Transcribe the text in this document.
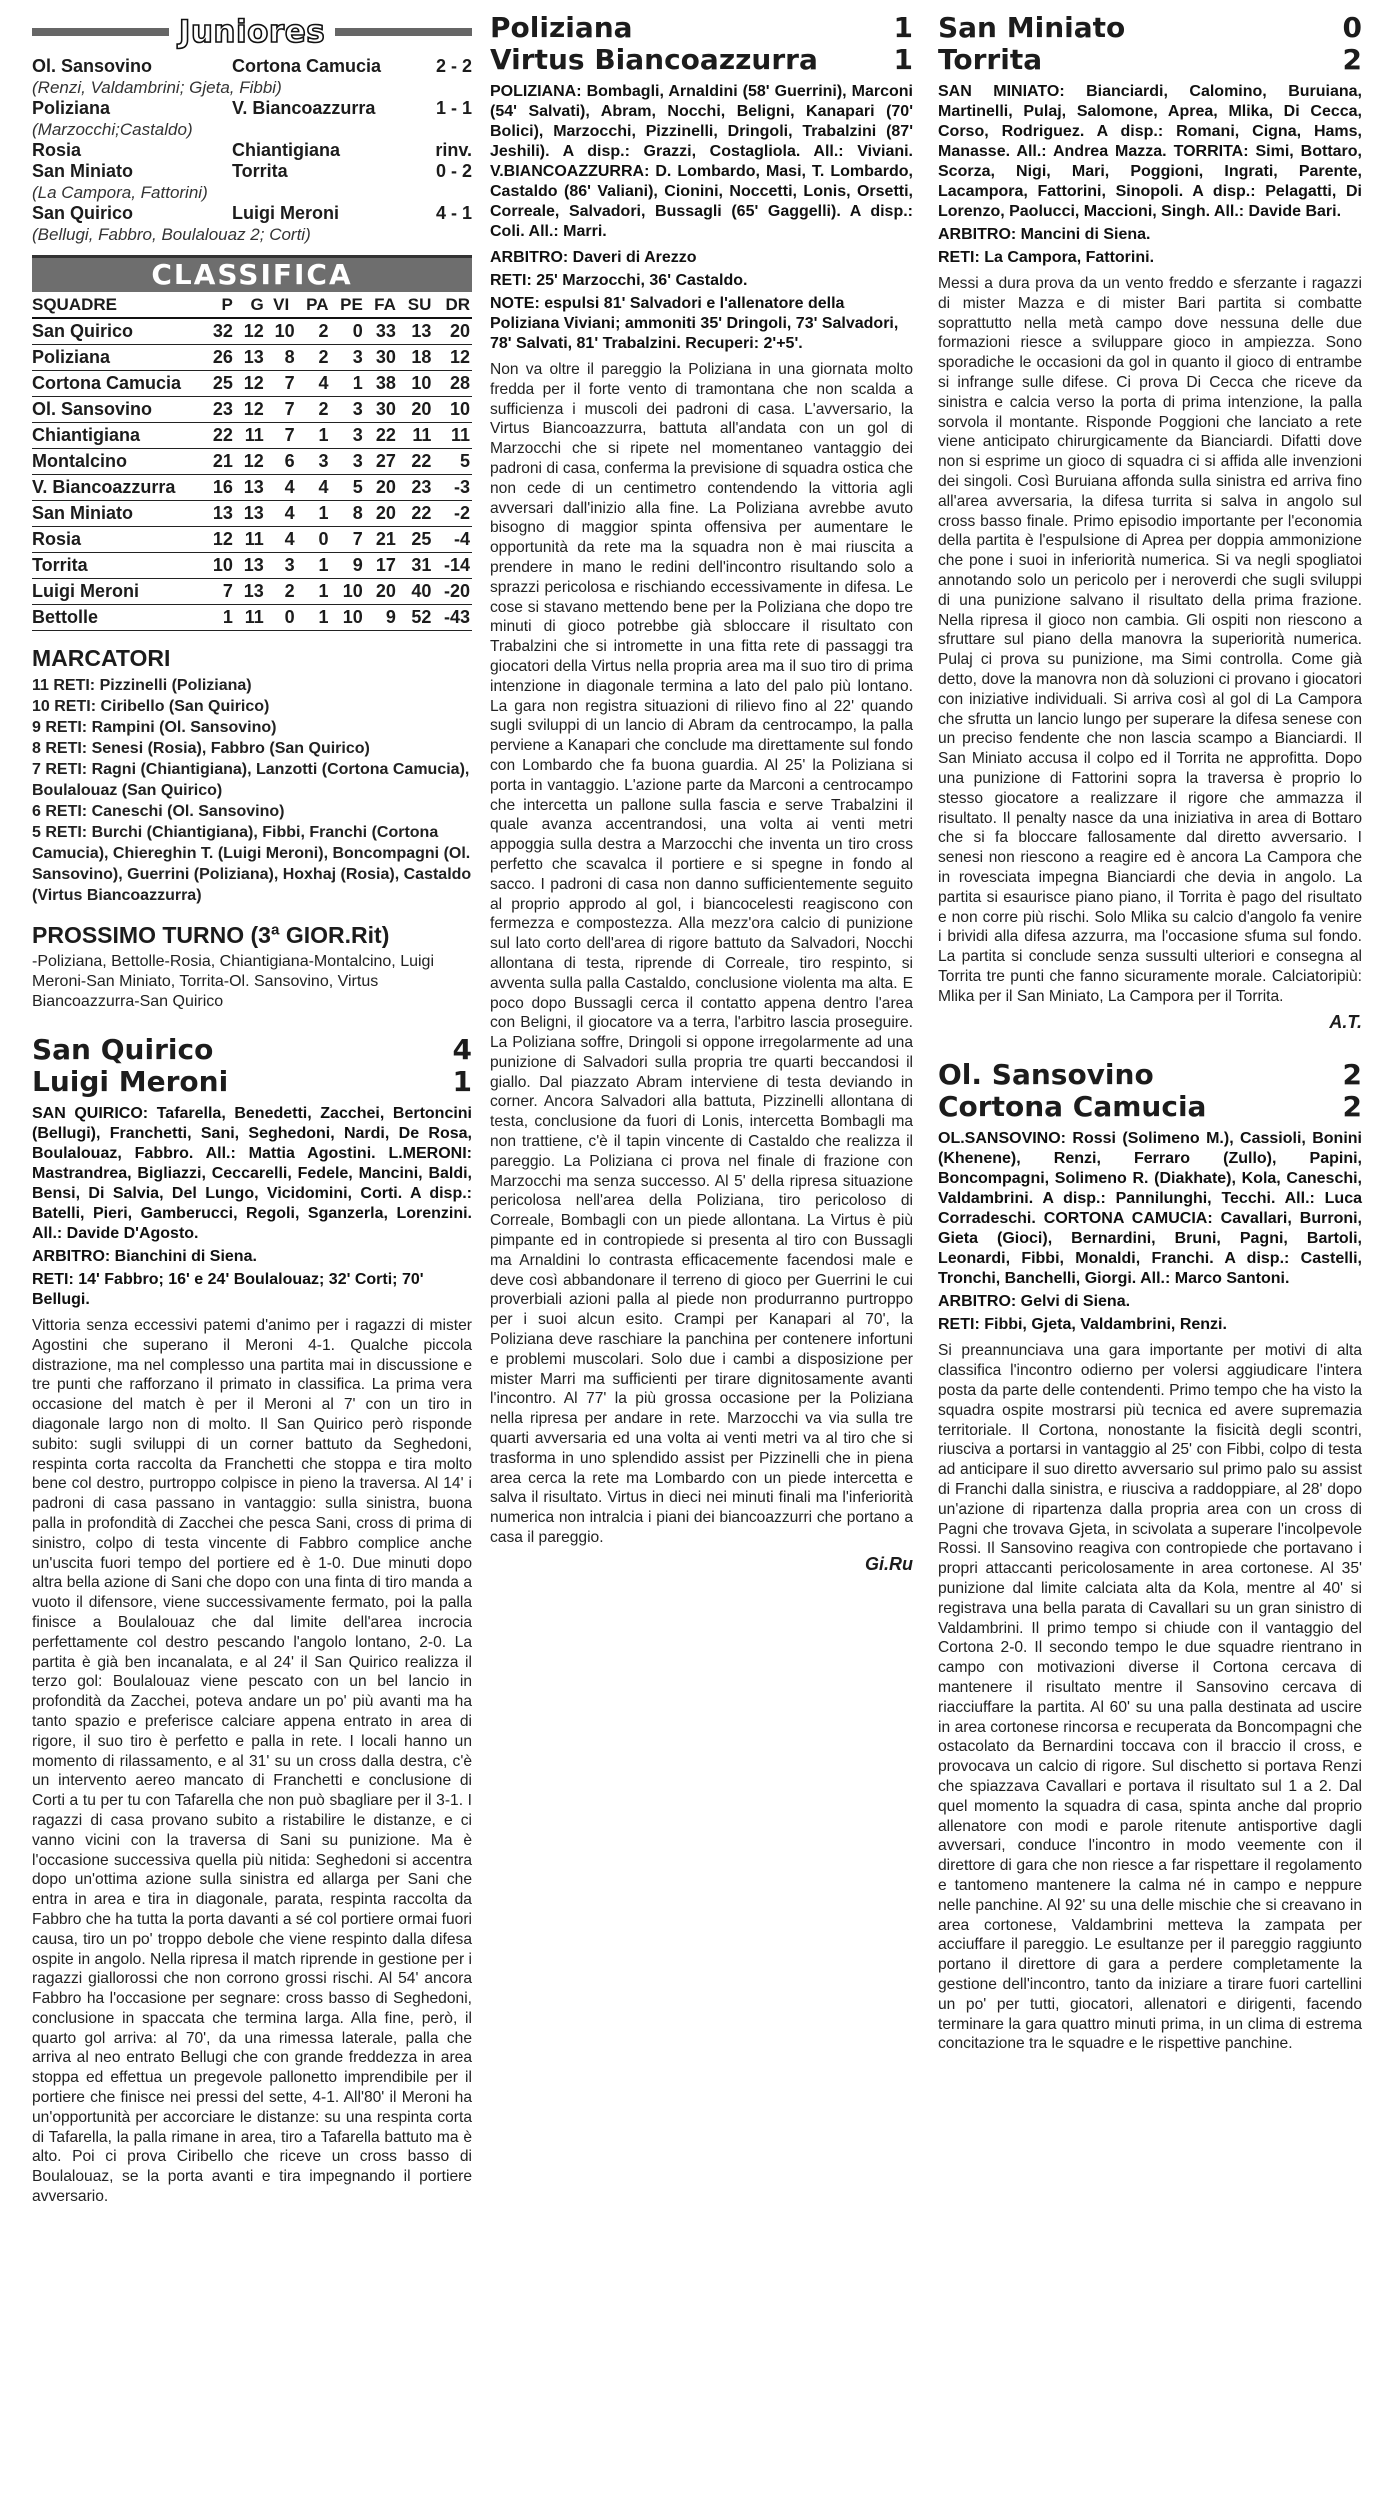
Juniores
Ol. Sansovino	Cortona Camucia	2 - 2
(Renzi, Valdambrini; Gjeta, Fibbi)		
Poliziana	V. Biancoazzurra	1 - 1
(Marzocchi;Castaldo)		
Rosia	Chiantigiana	rinv.
San Miniato	Torrita	0 - 2
(La Campora, Fattorini)		
San Quirico	Luigi Meroni	4 - 1
(Bellugi, Fabbro, Boulalouaz 2; Corti)		
CLASSIFICA
SQUADRE	P	G	VI	PA	PE	FA	SU	DR
San Quirico	32	12	10	2	0	33	13	20
Poliziana	26	13	8	2	3	30	18	12
Cortona Camucia	25	12	7	4	1	38	10	28
Ol. Sansovino	23	12	7	2	3	30	20	10
Chiantigiana	22	11	7	1	3	22	11	11
Montalcino	21	12	6	3	3	27	22	5
V. Biancoazzurra	16	13	4	4	5	20	23	-3
San Miniato	13	13	4	1	8	20	22	-2
Rosia	12	11	4	0	7	21	25	-4
Torrita	10	13	3	1	9	17	31	-14
Luigi Meroni	7	13	2	1	10	20	40	-20
Bettolle	1	11	0	1	10	9	52	-43
MARCATORI
11 RETI: Pizzinelli (Poliziana)
10 RETI: Ciribello (San Quirico)
9 RETI: Rampini (Ol. Sansovino)
8 RETI: Senesi (Rosia), Fabbro (San Quirico)
7 RETI: Ragni (Chiantigiana), Lanzotti (Cortona Camucia), Boulalouaz (San Quirico)
6 RETI: Caneschi (Ol. Sansovino)
5 RETI: Burchi (Chiantigiana), Fibbi, Franchi (Cortona Camucia), Chiereghin T. (Luigi Meroni), Boncompagni (Ol. Sansovino), Guerrini (Poliziana), Hoxhaj (Rosia), Castaldo (Virtus Biancoazzurra)
PROSSIMO TURNO (3ª GIOR.Rit)
-Poliziana, Bettolle-Rosia, Chiantigiana-Montalcino, Luigi Meroni-San Miniato, Torrita-Ol. Sansovino, Virtus Biancoazzurra-San Quirico
San Quirico	4
Luigi Meroni	1
SAN QUIRICO: Tafarella, Benedetti, Zacchei, Bertoncini (Bellugi), Franchetti, Sani, Seghedoni, Nardi, De Rosa, Boulalouaz, Fabbro. All.: Mattia Agostini. L.MERONI: Mastrandrea, Bigliazzi, Ceccarelli, Fedele, Mancini, Baldi, Bensi, Di Salvia, Del Lungo, Vicidomini, Corti. A disp.: Batelli, Pieri, Gamberucci, Regoli, Sganzerla, Lorenzini. All.: Davide D'Agosto.
ARBITRO: Bianchini di Siena.
RETI: 14' Fabbro; 16' e 24' Boulalouaz; 32' Corti; 70' Bellugi.
Vittoria senza eccessivi patemi d'animo per i ragazzi di mister Agostini che superano il Meroni 4-1. Qualche piccola distrazione, ma nel complesso una partita mai in discussione e tre punti che rafforzano il primato in classifica. La prima vera occasione del match è per il Meroni al 7' con un tiro in diagonale largo non di molto. Il San Quirico però risponde subito: sugli sviluppi di un corner battuto da Seghedoni, respinta corta raccolta da Franchetti che stoppa e tira molto bene col destro, purtroppo colpisce in pieno la traversa. Al 14' i padroni di casa passano in vantaggio: sulla sinistra, buona palla in profondità di Zacchei che pesca Sani, cross di prima di sinistro, colpo di testa vincente di Fabbro complice anche un'uscita fuori tempo del portiere ed è 1-0. Due minuti dopo altra bella azione di Sani che dopo con una finta di tiro manda a vuoto il difensore, viene successivamente fermato, poi la palla finisce a Boulalouaz che dal limite dell'area incrocia perfettamente col destro pescando l'angolo lontano, 2-0. La partita è già ben incanalata, e al 24' il San Quirico realizza il terzo gol: Boulalouaz viene pescato con un bel lancio in profondità da Zacchei, poteva andare un po' più avanti ma ha tanto spazio e preferisce calciare appena entrato in area di rigore, il suo tiro è perfetto e palla in rete. I locali hanno un momento di rilassamento, e al 31' su un cross dalla destra, c'è un intervento aereo mancato di Franchetti e conclusione di Corti a tu per tu con Tafarella che non può sbagliare per il 3-1. I ragazzi di casa provano subito a ristabilire le distanze, e ci vanno vicini con la traversa di Sani su punizione. Ma è l'occasione successiva quella più nitida: Seghedoni si accentra dopo un'ottima azione sulla sinistra ed allarga per Sani che entra in area e tira in diagonale, parata, respinta raccolta da Fabbro che ha tutta la porta davanti a sé col portiere ormai fuori causa, tiro un po' troppo debole che viene respinto dalla difesa ospite in angolo. Nella ripresa il match riprende in gestione per i ragazzi giallorossi che non corrono grossi rischi. Al 54' ancora Fabbro ha l'occasione per segnare: cross basso di Seghedoni, conclusione in spaccata che termina larga. Alla fine, però, il quarto gol arriva: al 70', da una rimessa laterale, palla che arriva al neo entrato Bellugi che con grande freddezza in area stoppa ed effettua un pregevole pallonetto imprendibile per il portiere che finisce nei pressi del sette, 4-1. All'80' il Meroni ha un'opportunità per accorciare le distanze: su una respinta corta di Tafarella, la palla rimane in area, tiro a Tafarella battuto ma è alto. Poi ci prova Ciribello che riceve un cross basso di Boulalouaz, se la porta avanti e tira impegnando il portiere avversario.
Poliziana	1
Virtus Biancoazzurra	1
POLIZIANA: Bombagli, Arnaldini (58' Guerrini), Marconi (54' Salvati), Abram, Nocchi, Beligni, Kanapari (70' Bolici), Marzocchi, Pizzinelli, Dringoli, Trabalzini (87' Jeshili). A disp.: Grazzi, Costagliola. All.: Viviani. V.BIANCOAZZURRA: D. Lombardo, Masi, T. Lombardo, Castaldo (86' Valiani), Cionini, Noccetti, Lonis, Orsetti, Correale, Salvadori, Bussagli (65' Gaggelli). A disp.: Coli. All.: Marri.
ARBITRO: Daveri di Arezzo
RETI: 25' Marzocchi, 36' Castaldo.
NOTE: espulsi 81' Salvadori e l'allenatore della Poliziana Viviani; ammoniti 35' Dringoli, 73' Salvadori, 78' Salvati, 81' Trabalzini. Recuperi: 2'+5'.
Non va oltre il pareggio la Poliziana in una giornata molto fredda per il forte vento di tramontana che non scalda a sufficienza i muscoli dei padroni di casa. L'avversario, la Virtus Biancoazzurra, battuta all'andata con un gol di Marzocchi che si ripete nel momentaneo vantaggio dei padroni di casa, conferma la previsione di squadra ostica che non cede di un centimetro contendendo la vittoria agli avversari dall'inizio alla fine. La Poliziana avrebbe avuto bisogno di maggior spinta offensiva per aumentare le opportunità da rete ma la squadra non è mai riuscita a prendere in mano le redini dell'incontro risultando solo a sprazzi pericolosa e rischiando eccessivamente in difesa. Le cose si stavano mettendo bene per la Poliziana che dopo tre minuti di gioco potrebbe già sbloccare il risultato con Trabalzini che si intromette in una fitta rete di passaggi tra giocatori della Virtus nella propria area ma il suo tiro di prima intenzione in diagonale termina a lato del palo più lontano. La gara non registra situazioni di rilievo fino al 22' quando sugli sviluppi di un lancio di Abram da centrocampo, la palla perviene a Kanapari che conclude ma direttamente sul fondo con Lombardo che fa buona guardia. Al 25' la Poliziana si porta in vantaggio. L'azione parte da Marconi a centrocampo che intercetta un pallone sulla fascia e serve Trabalzini il quale avanza accentrandosi, una volta ai venti metri appoggia sulla destra a Marzocchi che inventa un tiro cross perfetto che scavalca il portiere e si spegne in fondo al sacco. I padroni di casa non danno sufficientemente seguito al proprio approdo al gol, i biancocelesti reagiscono con fermezza e compostezza. Alla mezz'ora calcio di punizione sul lato corto dell'area di rigore battuto da Salvadori, Nocchi allontana di testa, riprende di Correale, tiro respinto, si avventa sulla palla Castaldo, conclusione violenta ma alta. E poco dopo Bussagli cerca il contatto appena dentro l'area con Beligni, il giocatore va a terra, l'arbitro lascia proseguire. La Poliziana soffre, Dringoli si oppone irregolarmente ad una punizione di Salvadori sulla propria tre quarti beccandosi il giallo. Dal piazzato Abram interviene di testa deviando in corner. Ancora Salvadori alla battuta, Pizzinelli allontana di testa, conclusione da fuori di Lonis, intercetta Bombagli ma non trattiene, c'è il tapin vincente di Castaldo che realizza il pareggio. La Poliziana ci prova nel finale di frazione con Marzocchi ma senza successo. Al 5' della ripresa situazione pericolosa nell'area della Poliziana, tiro pericoloso di Correale, Bombagli con un piede allontana. La Virtus è più pimpante ed in contropiede si presenta al tiro con Bussagli ma Arnaldini lo contrasta efficacemente facendosi male e deve così abbandonare il terreno di gioco per Guerrini le cui proverbiali azioni palla al piede non produrranno purtroppo per i suoi alcun esito. Crampi per Kanapari al 70', la Poliziana deve raschiare la panchina per contenere infortuni e problemi muscolari. Solo due i cambi a disposizione per mister Marri ma sufficienti per tirare dignitosamente avanti l'incontro. Al 77' la più grossa occasione per la Poliziana nella ripresa per andare in rete. Marzocchi va via sulla tre quarti avversaria ed una volta ai venti metri va al tiro che si trasforma in uno splendido assist per Pizzinelli che in piena area cerca la rete ma Lombardo con un piede intercetta e salva il risultato. Virtus in dieci nei minuti finali ma l'inferiorità numerica non intralcia i piani dei biancoazzurri che portano a casa il pareggio.
Gi.Ru
San Miniato	0
Torrita	2
SAN MINIATO: Bianciardi, Calomino, Buruiana, Martinelli, Pulaj, Salomone, Aprea, Mlika, Di Cecca, Corso, Rodriguez. A disp.: Romani, Cigna, Hams, Manasse. All.: Andrea Mazza. TORRITA: Simi, Bottaro, Scorza, Nigi, Mari, Poggioni, Ingrati, Parente, Lacampora, Fattorini, Sinopoli. A disp.: Pelagatti, Di Lorenzo, Paolucci, Maccioni, Singh. All.: Davide Bari.
ARBITRO: Mancini di Siena.
RETI: La Campora, Fattorini.
Messi a dura prova da un vento freddo e sferzante i ragazzi di mister Mazza e di mister Bari partita si combatte soprattutto nella metà campo dove nessuna delle due formazioni riesce a sviluppare gioco in ampiezza. Sono sporadiche le occasioni da gol in quanto il gioco di entrambe si infrange sulle difese. Ci prova Di Cecca che riceve da sinistra e calcia verso la porta di prima intenzione, la palla sorvola il montante. Risponde Poggioni che lanciato a rete viene anticipato chirurgicamente da Bianciardi. Difatti dove non si esprime un gioco di squadra ci si affida alle invenzioni dei singoli. Così Buruiana affonda sulla sinistra ed arriva fino all'area avversaria, la difesa turrita si salva in angolo sul cross basso finale. Primo episodio importante per l'economia della partita è l'espulsione di Aprea per doppia ammonizione che pone i suoi in inferiorità numerica. Si va negli spogliatoi annotando solo un pericolo per i neroverdi che sugli sviluppi di una punizione salvano il risultato della prima frazione. Nella ripresa il gioco non cambia. Gli ospiti non riescono a sfruttare sul piano della manovra la superiorità numerica. Pulaj ci prova su punizione, ma Simi controlla. Come già detto, dove la manovra non dà soluzioni ci provano i giocatori con iniziative individuali. Si arriva così al gol di La Campora che sfrutta un lancio lungo per superare la difesa senese con un preciso fendente che non lascia scampo a Bianciardi. Il San Miniato accusa il colpo ed il Torrita ne approfitta. Dopo una punizione di Fattorini sopra la traversa è proprio lo stesso giocatore a realizzare il rigore che ammazza il risultato. Il penalty nasce da una iniziativa in area di Bottaro che si fa bloccare fallosamente dal diretto avversario. I senesi non riescono a reagire ed è ancora La Campora che in rovesciata impegna Bianciardi che devia in angolo. La partita si esaurisce piano piano, il Torrita è pago del risultato e non corre più rischi. Solo Mlika su calcio d'angolo fa venire i brividi alla difesa azzurra, ma l'occasione sfuma sul fondo. La partita si conclude senza sussulti ulteriori e consegna al Torrita tre punti che fanno sicuramente morale. Calciatoripiù: Mlika per il San Miniato, La Campora per il Torrita.
A.T.
Ol. Sansovino	2
Cortona Camucia	2
OL.SANSOVINO: Rossi (Solimeno M.), Cassioli, Bonini (Khenene), Renzi, Ferraro (Zullo), Papini, Boncompagni, Solimeno R. (Diakhate), Kola, Caneschi, Valdambrini. A disp.: Pannilunghi, Tecchi. All.: Luca Corradeschi. CORTONA CAMUCIA: Cavallari, Burroni, Gieta (Gioci), Bernardini, Bruni, Pagni, Bartoli, Leonardi, Fibbi, Monaldi, Franchi. A disp.: Castelli, Tronchi, Banchelli, Giorgi. All.: Marco Santoni.
ARBITRO: Gelvi di Siena.
RETI: Fibbi, Gjeta, Valdambrini, Renzi.
Si preannunciava una gara importante per motivi di alta classifica l'incontro odierno per volersi aggiudicare l'intera posta da parte delle contendenti. Primo tempo che ha visto la squadra ospite mostrarsi più tecnica ed avere supremazia territoriale. Il Cortona, nonostante la fisicità degli scontri, riusciva a portarsi in vantaggio al 25' con Fibbi, colpo di testa ad anticipare il suo diretto avversario sul primo palo su assist di Franchi dalla sinistra, e riusciva a raddoppiare, al 28' dopo un'azione di ripartenza dalla propria area con un cross di Pagni che trovava Gjeta, in scivolata a superare l'incolpevole Rossi. Il Sansovino reagiva con contropiede che portavano i propri attaccanti pericolosamente in area cortonese. Al 35' punizione dal limite calciata alta da Kola, mentre al 40' si registrava una bella parata di Cavallari su un gran sinistro di Valdambrini. Il primo tempo si chiude con il vantaggio del Cortona 2-0. Il secondo tempo le due squadre rientrano in campo con motivazioni diverse il Cortona cercava di mantenere il risultato mentre il Sansovino cercava di riacciuffare la partita. Al 60' su una palla destinata ad uscire in area cortonese rincorsa e recuperata da Boncompagni che ostacolato da Bernardini toccava con il braccio il cross, e provocava un calcio di rigore. Sul dischetto si portava Renzi che spiazzava Cavallari e portava il risultato sul 1 a 2. Dal quel momento la squadra di casa, spinta anche dal proprio allenatore con modi e parole ritenute antisportive dagli avversari, conduce l'incontro in modo veemente con il direttore di gara che non riesce a far rispettare il regolamento e tantomeno mantenere la calma né in campo e neppure nelle panchine. Al 92' su una delle mischie che si creavano in area cortonese, Valdambrini metteva la zampata per acciuffare il pareggio. Le esultanze per il pareggio raggiunto portano il direttore di gara a perdere completamente la gestione dell'incontro, tanto da iniziare a tirare fuori cartellini un po' per tutti, giocatori, allenatori e dirigenti, facendo terminare la gara quattro minuti prima, in un clima di estrema concitazione tra le squadre e le rispettive panchine.
